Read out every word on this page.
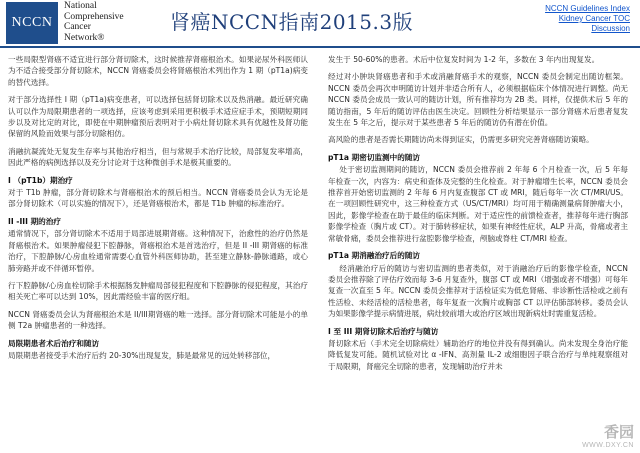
NCCN
National
Comprehensive
Cancer
Network®
肾癌NCCN指南2015.3版
NCCN Guidelines Index
Kidney Cancer TOC
Discussion
一些局限型肾癌不适宜进行部分肾切除术，这时候推荐肾癌根治术。如果泌尿外科医师认为不适合接受部分肾切除术，NCCN 肾癌委员会将肾癌根治术列出作为 1 期（pT1a)病变的替代选择。
对于部分选择性 I 期（pT1a)病变患者，可以选择包括肾切除术以及热消融。最近研究确认可以作为局限期患者的一项选择，应该考虑到采用更积极手术适应症手术，预期短期同步以及对比定的对比，即使在中期肿瘤预后表明对于小病灶肾切除术具有优越性及肾功能保留的风险而效果与部分切除相仿。
消融抗凝流处无复发生存率与其他治疗相当，但与常规手术治疗比较，局部复发率增高，因此严格的病例选择以及充分讨论对于这种微创手术是极其重要的。
I （pT1b）期治疗
对于 T1b 肿瘤，部分肾切除术与肾癌根治术的预后相当。NCCN 肾癌委员会认为无论是部分肾切除术（可以实施的情况下），还是肾癌根治术，都是 T1b 肿瘤的标准治疗。
II -III 期的治疗
通常情况下，部分肾切除术不适用于局部进展期肾癌。这种情况下，治愈性的治疗仍然是肾癌根治术。如果肿瘤侵犯下腔静脉，肾癌根治术是首选治疗，但是 II -III 期肾癌的标准治疗，下腔静脉/心房血栓通常需要心血管外科医师协助，甚至建立静脉-静脉通路，或心肺旁路并或不伴循环暂停。
行下腔静脉/心房血栓切除手术根据肠发肿瘤局部侵犯程度和下腔静脉的侵犯程度，其治疗相关死亡率可以达到 10%，因此需经验丰富的医疗组。
NCCN 肾癌委员会认为肾癌根治术是 II/III期肾癌的唯一选择。部分肾切除术可能是小的单侧 T2a 肿瘤患者的一种选择。
局限期患者术后治疗和随访
局限期患者接受手术治疗后约 20-30%出现复发，肺是最常见的远处转移部位，
发生于 50-60%的患者。术后中位复发时间为 1-2 年，多数在 3 年内出现复发。
经过对小肿块肾癌患者和手术或消融肾癌手术的观察，NCCN 委员会制定出随访框架。NCCN 委员会再次申明随访计划并非适合所有人，必须根据临床个体情况进行调整。尚无 NCCN 委员会成员一致认可的随访计划，所有推荐均为 2B 类。同样，仅提供术后 5 年的随访指南，5 年后的随访评估由医生决定。回顾性分析结果显示一部分肾癌术后患者复发发生在 5 年之后，提示对于某些患者 5 年后的随访仍有潜在价值。
高风险的患者是否需长期随访尚未得到证实，仍需更多研究完善肾癌随访策略。
pT1a 期密切监测中的随访
处于密切监测期间的随访，NCCN 委员会推荐前 2 年每 6 个月检查一次，后 5 年每年检查一次，内容为：病史和查体及完整的生化检查。对于肿瘤增生长率，NCCN 委员会推荐首开始密切监测的 2 年每 6 月内复查腹部 CT 或 MRI，随后每年一次 CT/MRI/US。在一项回顾性研究中，这三种检查方式（US/CT/MRI）均可用于精确测量病肾肿瘤大小，因此，影像学检查在助于最佳的临床判断。对于适应性的前馈检查者，推荐每年进行胸部影像学检查（胸片或 CT）。对于肺转移症状，如果有神经性症状，ALP 升高，骨痛或者主常敏骨痛，委员会推荐进行盆腔影像学检查，颅脑或脊柱 CT/MRI 检查。
pT1a 期消融治疗后的随访
经消融治疗后的随访与密切监测的患者类似，对于消融治疗后的影像学检查，NCCN 委员会推荐除了评估疗效而每 3-6 月复查外，腹部 CT 或 MRI（增强或者不增强）可每年复查一次直至 5 年。NCCN 委员会推荐对于活检证实为低危肾癌、非诊断性活检或之前有性活检、未经活检的活检患者，每年复查一次胸片或胸部 CT 以评估肺部转移。委员会认为如果影像学提示病情进展，病灶较前增大或治疗区域出现新病灶时需重复活检。
I 至 III 期肾切除术后治疗与随访
肾切除术后（手术完全切除病灶）辅助治疗的地位并没有得到确认。尚未发现全身治疗能降低复发可能。随机试验对比 α -IFN、高剂量 IL-2 或细胞因子联合治疗与单纯观察组对于局限期，肾癌完全切除的患者，发现辅助治疗并未
香园
WWW.DXY.CN
